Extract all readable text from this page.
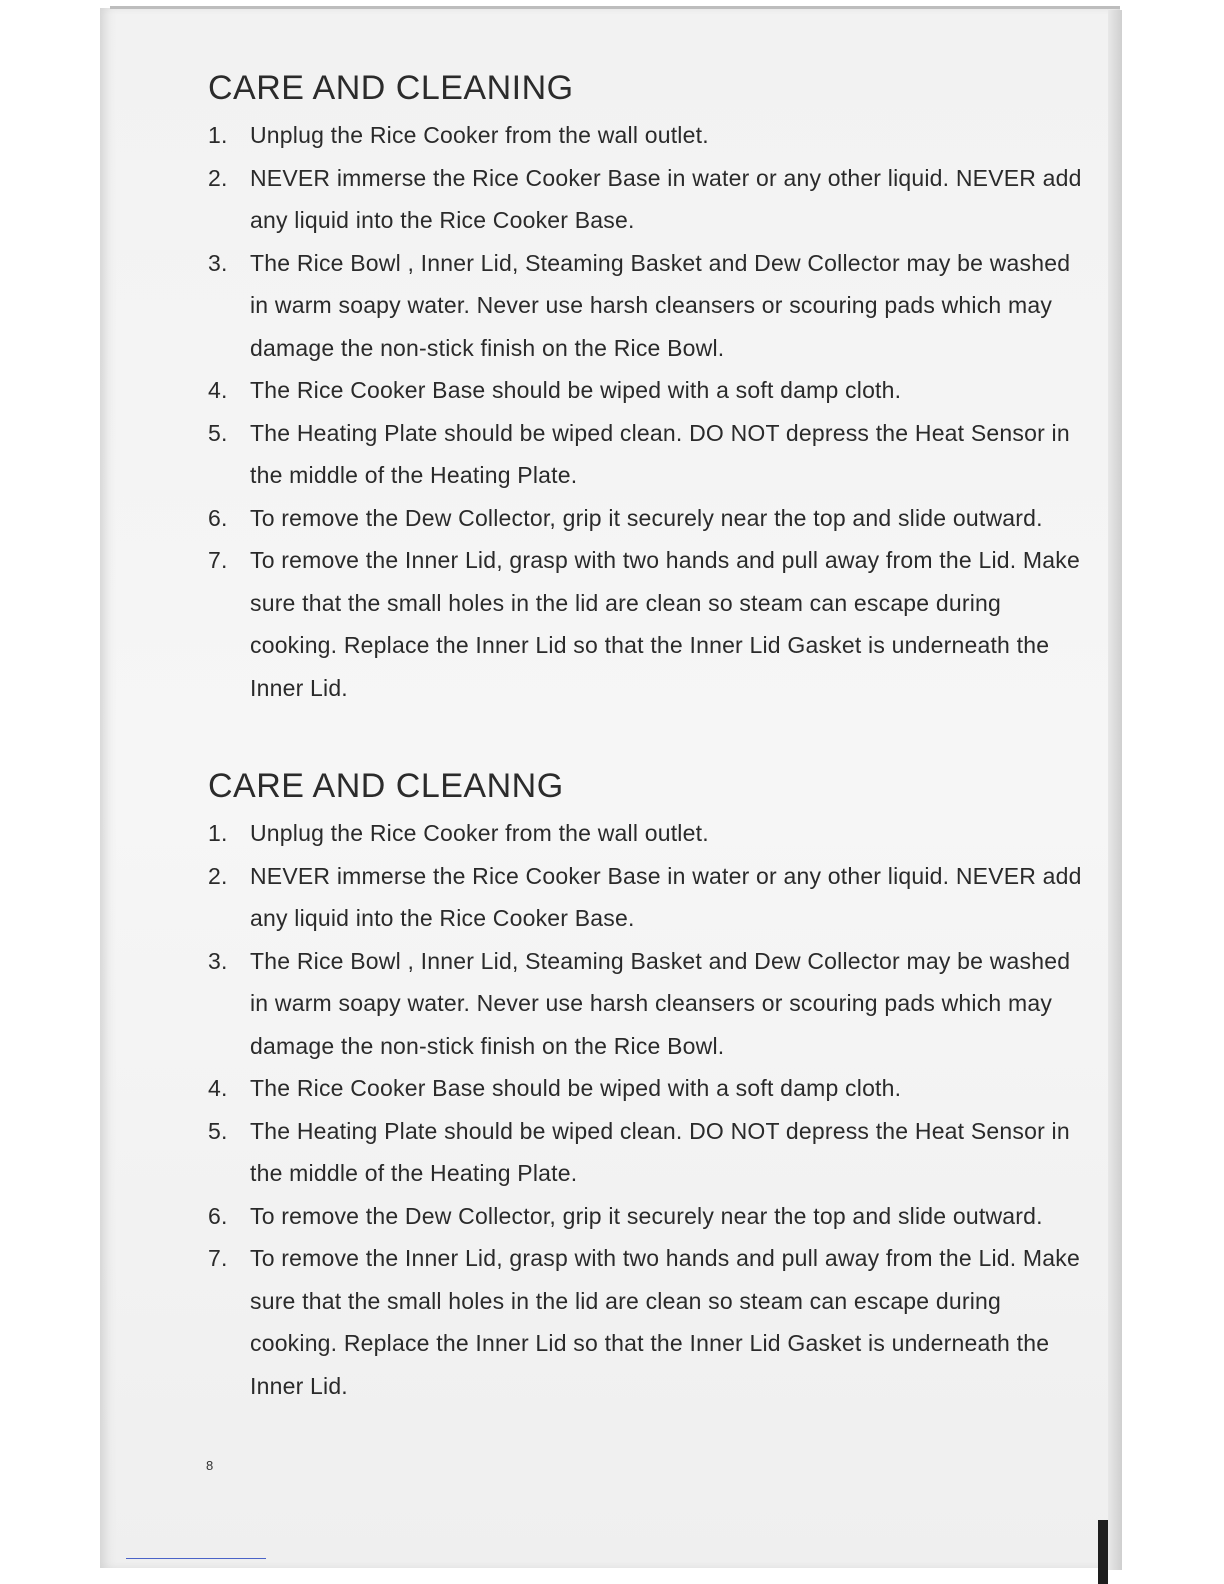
CARE AND CLEANING
1. Unplug the Rice Cooker from the wall outlet.
2. NEVER immerse the Rice Cooker Base in water or any other liquid. NEVER add any liquid into the Rice Cooker Base.
3. The Rice Bowl , Inner Lid, Steaming Basket and Dew Collector may be washed in warm soapy water. Never use harsh cleansers or scouring pads which may damage the non-stick finish on the Rice Bowl.
4. The Rice Cooker Base should be wiped with a soft damp cloth.
5. The Heating Plate should be wiped clean. DO NOT depress the Heat Sensor in the middle of the Heating Plate.
6. To remove the Dew Collector, grip it securely near the top and slide outward.
7. To remove the Inner Lid, grasp with two hands and pull away from the Lid. Make sure that the small holes in the lid are clean so steam can escape during cooking. Replace the Inner Lid so that the Inner Lid Gasket is underneath the Inner Lid.
CARE AND CLEANNG
1. Unplug the Rice Cooker from the wall outlet.
2. NEVER immerse the Rice Cooker Base in water or any other liquid. NEVER add any liquid into the Rice Cooker Base.
3. The Rice Bowl , Inner Lid, Steaming Basket and Dew Collector may be washed in warm soapy water. Never use harsh cleansers or scouring pads which may damage the non-stick finish on the Rice Bowl.
4. The Rice Cooker Base should be wiped with a soft damp cloth.
5. The Heating Plate should be wiped clean. DO NOT depress the Heat Sensor in the middle of the Heating Plate.
6. To remove the Dew Collector, grip it securely near the top and slide outward.
7. To remove the Inner Lid, grasp with two hands and pull away from the Lid. Make sure that the small holes in the lid are clean so steam can escape during cooking. Replace the Inner Lid so that the Inner Lid Gasket is underneath the Inner Lid.
8
